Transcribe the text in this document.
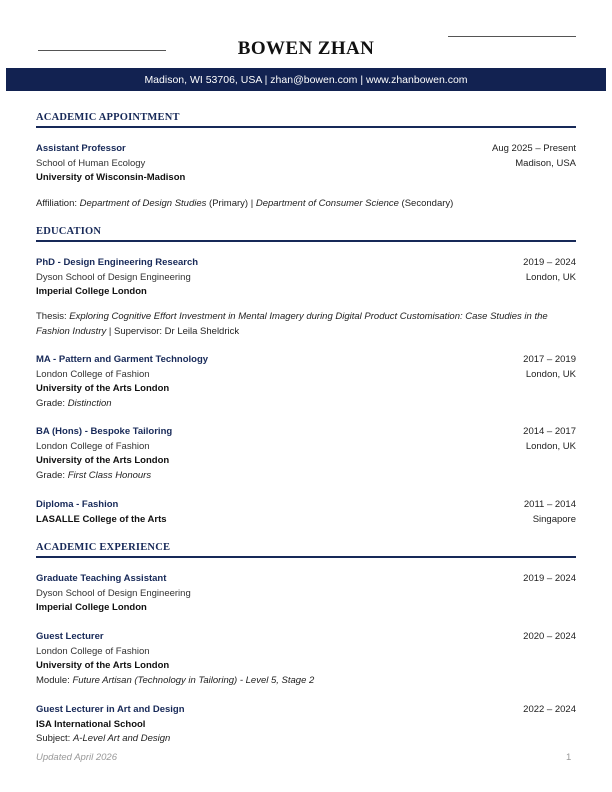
BOWEN ZHAN
Madison, WI 53706, USA | zhan@bowen.com | www.zhanbowen.com
ACADEMIC APPOINTMENT
Assistant Professor	Aug 2025 – Present
School of Human Ecology	Madison, USA
University of Wisconsin-Madison
Affiliation: Department of Design Studies (Primary) | Department of Consumer Science (Secondary)
EDUCATION
PhD - Design Engineering Research	2019 – 2024
Dyson School of Design Engineering	London, UK
Imperial College London
Thesis: Exploring Cognitive Effort Investment in Mental Imagery during Digital Product Customisation: Case Studies in the
Fashion Industry | Supervisor: Dr Leila Sheldrick
MA - Pattern and Garment Technology	2017 – 2019
London College of Fashion	London, UK
University of the Arts London
Grade: Distinction
BA (Hons) - Bespoke Tailoring	2014 – 2017
London College of Fashion	London, UK
University of the Arts London
Grade: First Class Honours
Diploma - Fashion	2011 – 2014
LASALLE College of the Arts	Singapore
ACADEMIC EXPERIENCE
Graduate Teaching Assistant	2019 – 2024
Dyson School of Design Engineering
Imperial College London
Guest Lecturer	2020 – 2024
London College of Fashion
University of the Arts London
Module: Future Artisan (Technology in Tailoring) - Level 5, Stage 2
Guest Lecturer in Art and Design	2022 – 2024
ISA International School
Subject: A-Level Art and Design
Updated April 2026	1
